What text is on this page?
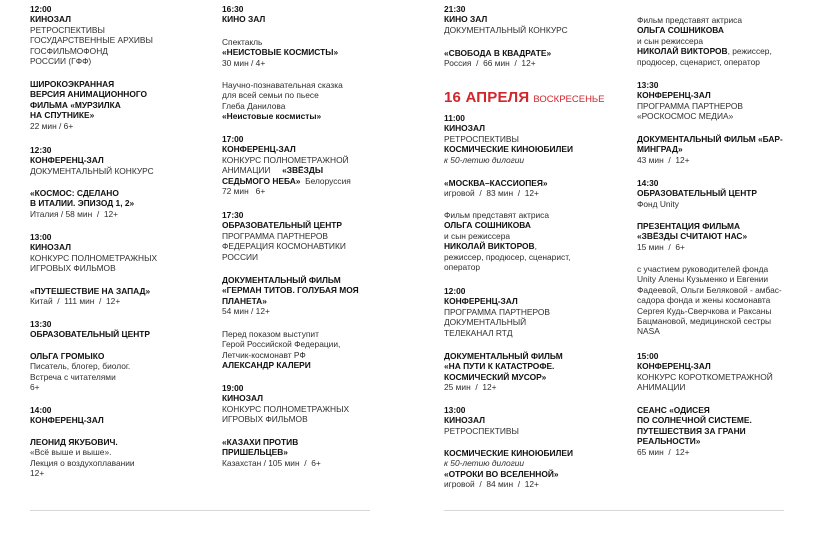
12:00
КИНОЗАЛ
РЕТРОСПЕКТИВЫ
ГОСУДАРСТВЕННЫЕ АРХИВЫ
ГОСФИЛЬМОФОНД
РОССИИ (ГФФ)
ШИРОКОЭКРАННАЯ
ВЕРСИЯ АНИМАЦИОННОГО
ФИЛЬМА «МУРЗИЛКА
НА СПУТНИКЕ»
22 мин / 6+
12:30
КОНФЕРЕНЦ-ЗАЛ
ДОКУМЕНТАЛЬНЫЙ КОНКУРС
«КОСМОС: СДЕЛАНО
В ИТАЛИИ. ЭПИЗОД 1, 2»
Италия / 58 мин  /  12+
13:00
КИНОЗАЛ
КОНКУРС ПОЛНОМЕТРАЖНЫХ
ИГРОВЫХ ФИЛЬМОВ
«ПУТЕШЕСТВИЕ НА ЗАПАД»
Китай  /  111 мин  /  12+
13:30
ОБРАЗОВАТЕЛЬНЫЙ ЦЕНТР
ОЛЬГА ГРОМЫКО
Писатель, блогер, биолог.
Встреча с читателями
6+
14:00
КОНФЕРЕНЦ-ЗАЛ
ЛЕОНИД ЯКУБОВИЧ.
«Всё выше и выше».
Лекция о воздухоплавании
12+
16:30
КИНО ЗАЛ
Спектакль
«НЕИСТОВЫЕ КОСМИСТЫ»
30 мин / 4+
Научно-познавательная сказка
для всей семьи по пьесе
Глеба Данилова
«Неистовые космисты»
17:00
КОНФЕРЕНЦ-ЗАЛ
КОНКУРС ПОЛНОМЕТРАЖНОЙ
АНИМАЦИИ     «ЗВЁЗДЫ
СЕДЬМОГО НЕБА»  Белоруссия
72 мин   6+
17:30
ОБРАЗОВАТЕЛЬНЫЙ ЦЕНТР
ПРОГРАММА ПАРТНЕРОВ
ФЕДЕРАЦИЯ КОСМОНАВТИКИ
РОССИИ
ДОКУМЕНТАЛЬНЫЙ ФИЛЬМ
«ГЕРМАН ТИТОВ. ГОЛУБАЯ МОЯ
ПЛАНЕТА»
54 мин / 12+
Перед показом выступит
Герой Российской Федерации,
Летчик-космонавт РФ
АЛЕКСАНДР КАЛЕРИ
19:00
КИНОЗАЛ
КОНКУРС ПОЛНОМЕТРАЖНЫХ
ИГРОВЫХ ФИЛЬМОВ
«КАЗАХИ ПРОТИВ
ПРИШЕЛЬЦЕВ»
Казахстан / 105 мин  /  6+
21:30
КИНО ЗАЛ
ДОКУМЕНТАЛЬНЫЙ КОНКУРС
«СВОБОДА В КВАДРАТЕ»
Россия  /  66 мин  /  12+
16 АПРЕЛЯ ВОСКРЕСЕНЬЕ
11:00
КИНОЗАЛ
РЕТРОСПЕКТИВЫ
КОСМИЧЕСКИЕ КИНОЮБИЛЕИ
к 50-летию дилогии
«МОСКВА–КАССИОПЕЯ»
игровой  /  83 мин  /  12+
Фильм представят актриса
ОЛЬГА СОШНИКОВА
и сын режиссера
НИКОЛАЙ ВИКТОРОВ,
режиссер, продюсер, сценарист,
оператор
12:00
КОНФЕРЕНЦ-ЗАЛ
ПРОГРАММА ПАРТНЕРОВ
ДОКУМЕНТАЛЬНЫЙ
ТЕЛЕКАНАЛ RTД
ДОКУМЕНТАЛЬНЫЙ ФИЛЬМ
«НА ПУТИ К КАТАСТРОФЕ.
КОСМИЧЕСКИЙ МУСОР»
25 мин  /  12+
13:00
КИНОЗАЛ
РЕТРОСПЕКТИВЫ
КОСМИЧЕСКИЕ КИНОЮБИЛЕИ
к 50-летию дилогии
«ОТРОКИ ВО ВСЕЛЕННОЙ»
игровой  /  84 мин  /  12+
Фильм представят актриса
ОЛЬГА СОШНИКОВА
и сын режиссера
НИКОЛАЙ ВИКТОРОВ, режиссер,
продюсер, сценарист, оператор
13:30
КОНФЕРЕНЦ-ЗАЛ
ПРОГРАММА ПАРТНЕРОВ
«РОСКОСМОС МЕДИА»
ДОКУМЕНТАЛЬНЫЙ ФИЛЬМ «БАР-
МИНГРАД»
43 мин  /  12+
14:30
ОБРАЗОВАТЕЛЬНЫЙ ЦЕНТР
Фонд Unity
ПРЕЗЕНТАЦИЯ ФИЛЬМА
«ЗВЁЗДЫ СЧИТАЮТ НАС»
15 мин  /  6+
с участием руководителей фонда
Unity Алены Кузьменко и Евгении
Фадеевой, Ольги Беляковой - амбас-
садора фонда и жены космонавта
Сергея Кудь-Сверчкова и Раксаны
Бацмановой, медицинской сестры
NASA
15:00
КОНФЕРЕНЦ-ЗАЛ
КОНКУРС КОРОТКОМЕТРАЖНОЙ
АНИМАЦИИ
СЕАНС «ОДИСЕЯ
ПО СОЛНЕЧНОЙ СИСТЕМЕ.
ПУТЕШЕСТВИЯ ЗА ГРАНИ
РЕАЛЬНОСТИ»
65 мин  /  12+
